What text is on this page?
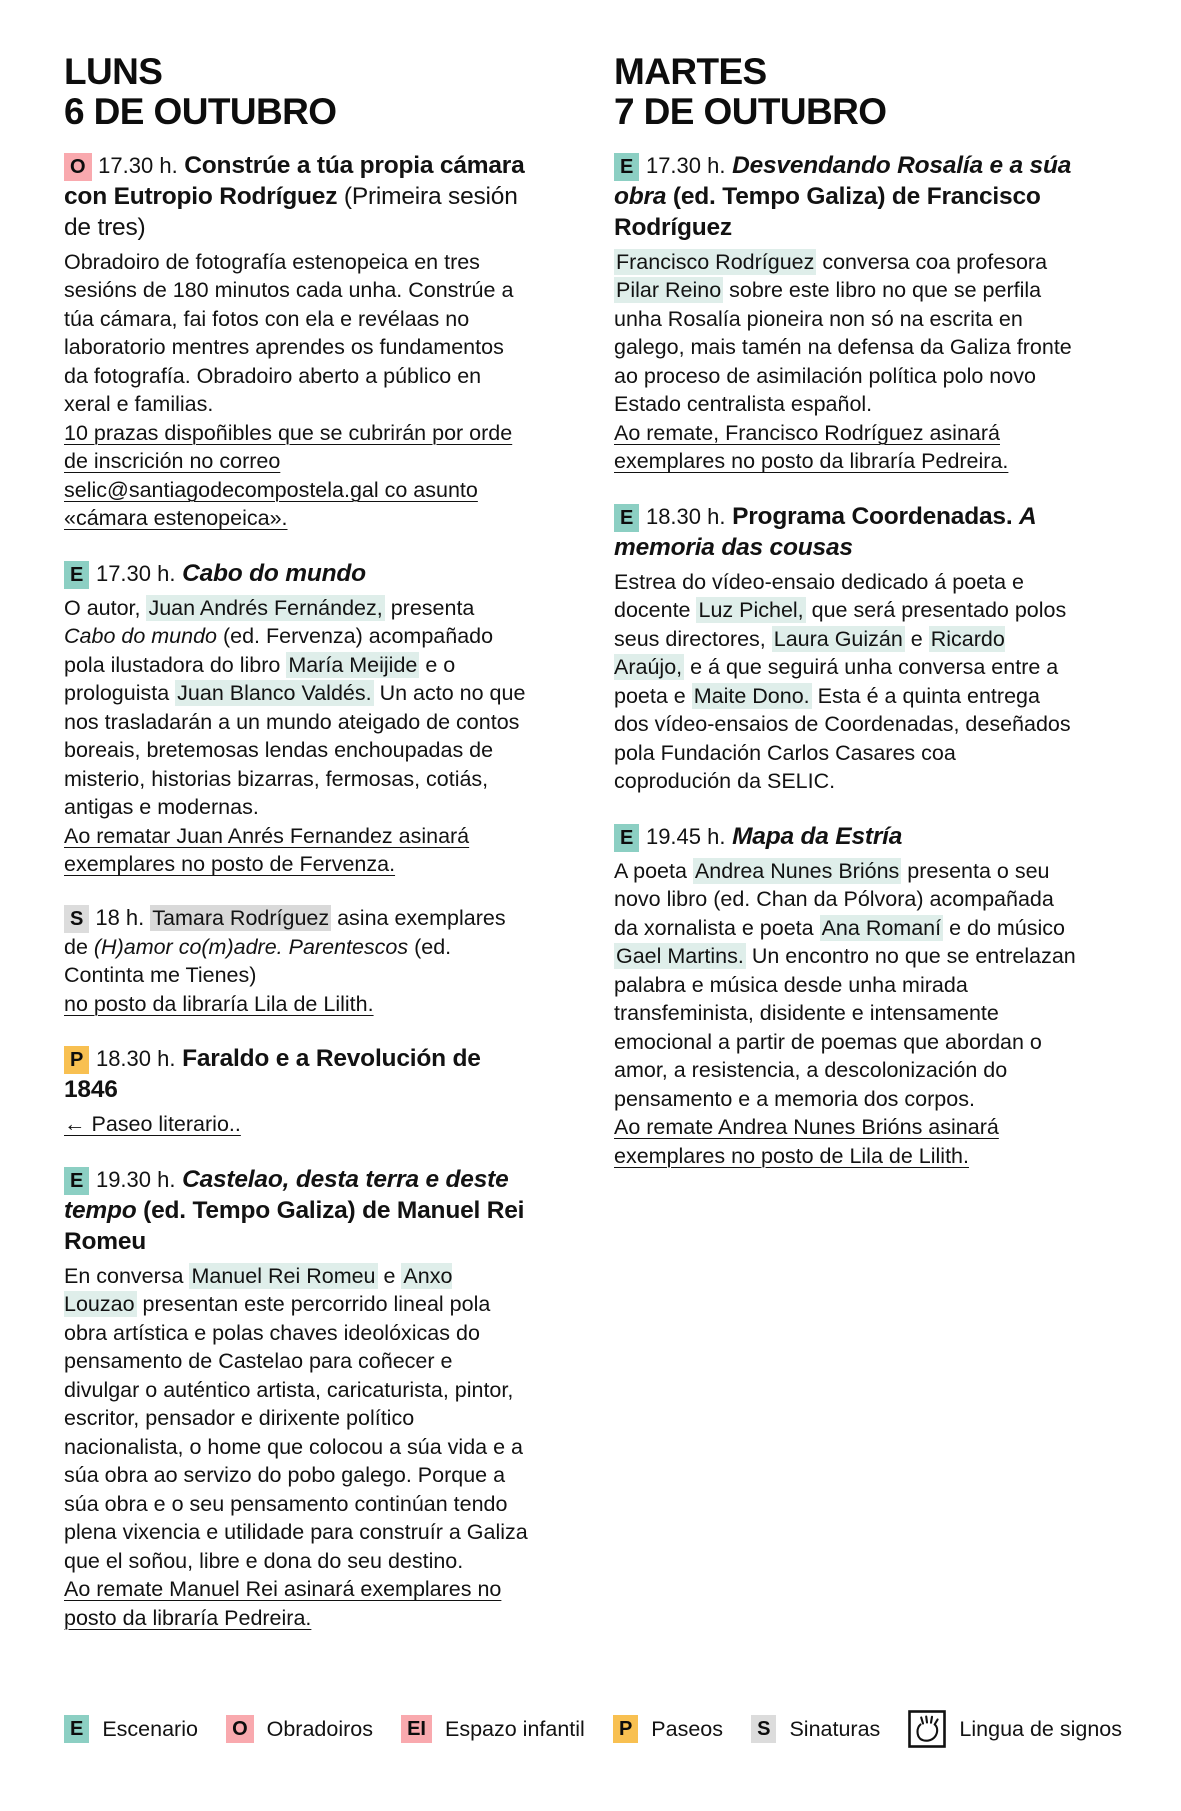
LUNS
6 DE OUTUBRO

O 17.30 h. Constrúe a túa propia cámara con Eutropio Rodríguez (Primeira sesión de tres)

Obradoiro de fotografía estenopeica en tres sesións de 180 minutos cada unha. Constrúe a túa cámara, fai fotos con ela e revélaas no laboratorio mentres aprendes os fundamentos da fotografía. Obradoiro aberto a público en xeral e familias.
10 prazas dispoñibles que se cubrirán por orde de inscrición no correo selic@santiagodecompostela.gal co asunto «cámara estenopeica».

E 17.30 h. Cabo do mundo

O autor, Juan Andrés Fernández, presenta Cabo do mundo (ed. Fervenza) acompañado pola ilustadora do libro María Meijide e o prologuista Juan Blanco Valdés. Un acto no que nos trasladarán a un mundo ateigado de contos boreais, bretemosas lendas enchoupadas de misterio, historias bizarras, fermosas, cotiás, antigas e modernas.
Ao rematar Juan Anrés Fernandez asinará exemplares no posto de Fervenza.

S 18 h. Tamara Rodríguez asina exemplares de (H)amor co(m)adre. Parentescos (ed. Continta me Tienes)
no posto da libraría Lila de Lilith.

P 18.30 h. Faraldo e a Revolución de 1846

← Paseo literario..

E 19.30 h. Castelao, desta terra e deste tempo (ed. Tempo Galiza) de Manuel Rei Romeu

En conversa Manuel Rei Romeu e Anxo Louzao presentan este percorrido lineal pola obra artística e polas chaves ideolóxicas do pensamento de Castelao para coñecer e divulgar o auténtico artista, caricaturista, pintor, escritor, pensador e dirixente político nacionalista, o home que colocou a súa vida e a súa obra ao servizo do pobo galego. Porque a súa obra e o seu pensamento continúan tendo plena vixencia e utilidade para construír a Galiza que el soñou, libre e dona do seu destino.
Ao remate Manuel Rei asinará exemplares no posto da libraría Pedreira.

MARTES
7 DE OUTUBRO

E 17.30 h. Desvendando Rosalía e a súa obra (ed. Tempo Galiza) de Francisco Rodríguez

Francisco Rodríguez conversa coa profesora Pilar Reino sobre este libro no que se perfila unha Rosalía pioneira non só na escrita en galego, mais tamén na defensa da Galiza fronte ao proceso de asimilación política polo novo Estado centralista español.
Ao remate, Francisco Rodríguez asinará exemplares no posto da libraría Pedreira.

E 18.30 h. Programa Coordenadas. A memoria das cousas

Estrea do vídeo-ensaio dedicado á poeta e docente Luz Pichel, que será presentado polos seus directores, Laura Guizán e Ricardo Araújo, e á que seguirá unha conversa entre a poeta e Maite Dono. Esta é a quinta entrega dos vídeo-ensaios de Coordenadas, deseñados pola Fundación Carlos Casares coa coprodución da SELIC.

E 19.45 h. Mapa da Estría

A poeta Andrea Nunes Brións presenta o seu novo libro (ed. Chan da Pólvora) acompañada da xornalista e poeta Ana Romaní e do músico Gael Martins. Un encontro no que se entrelazan palabra e música desde unha mirada transfeminista, disidente e intensamente emocional a partir de poemas que abordan o amor, a resistencia, a descolonización do pensamento e a memoria dos corpos.
Ao remate Andrea Nunes Brións asinará exemplares no posto de Lila de Lilith.

E Escenario	O Obradoiros	EI Espazo infantil	P Paseos	S Sinaturas	Lingua de signos
